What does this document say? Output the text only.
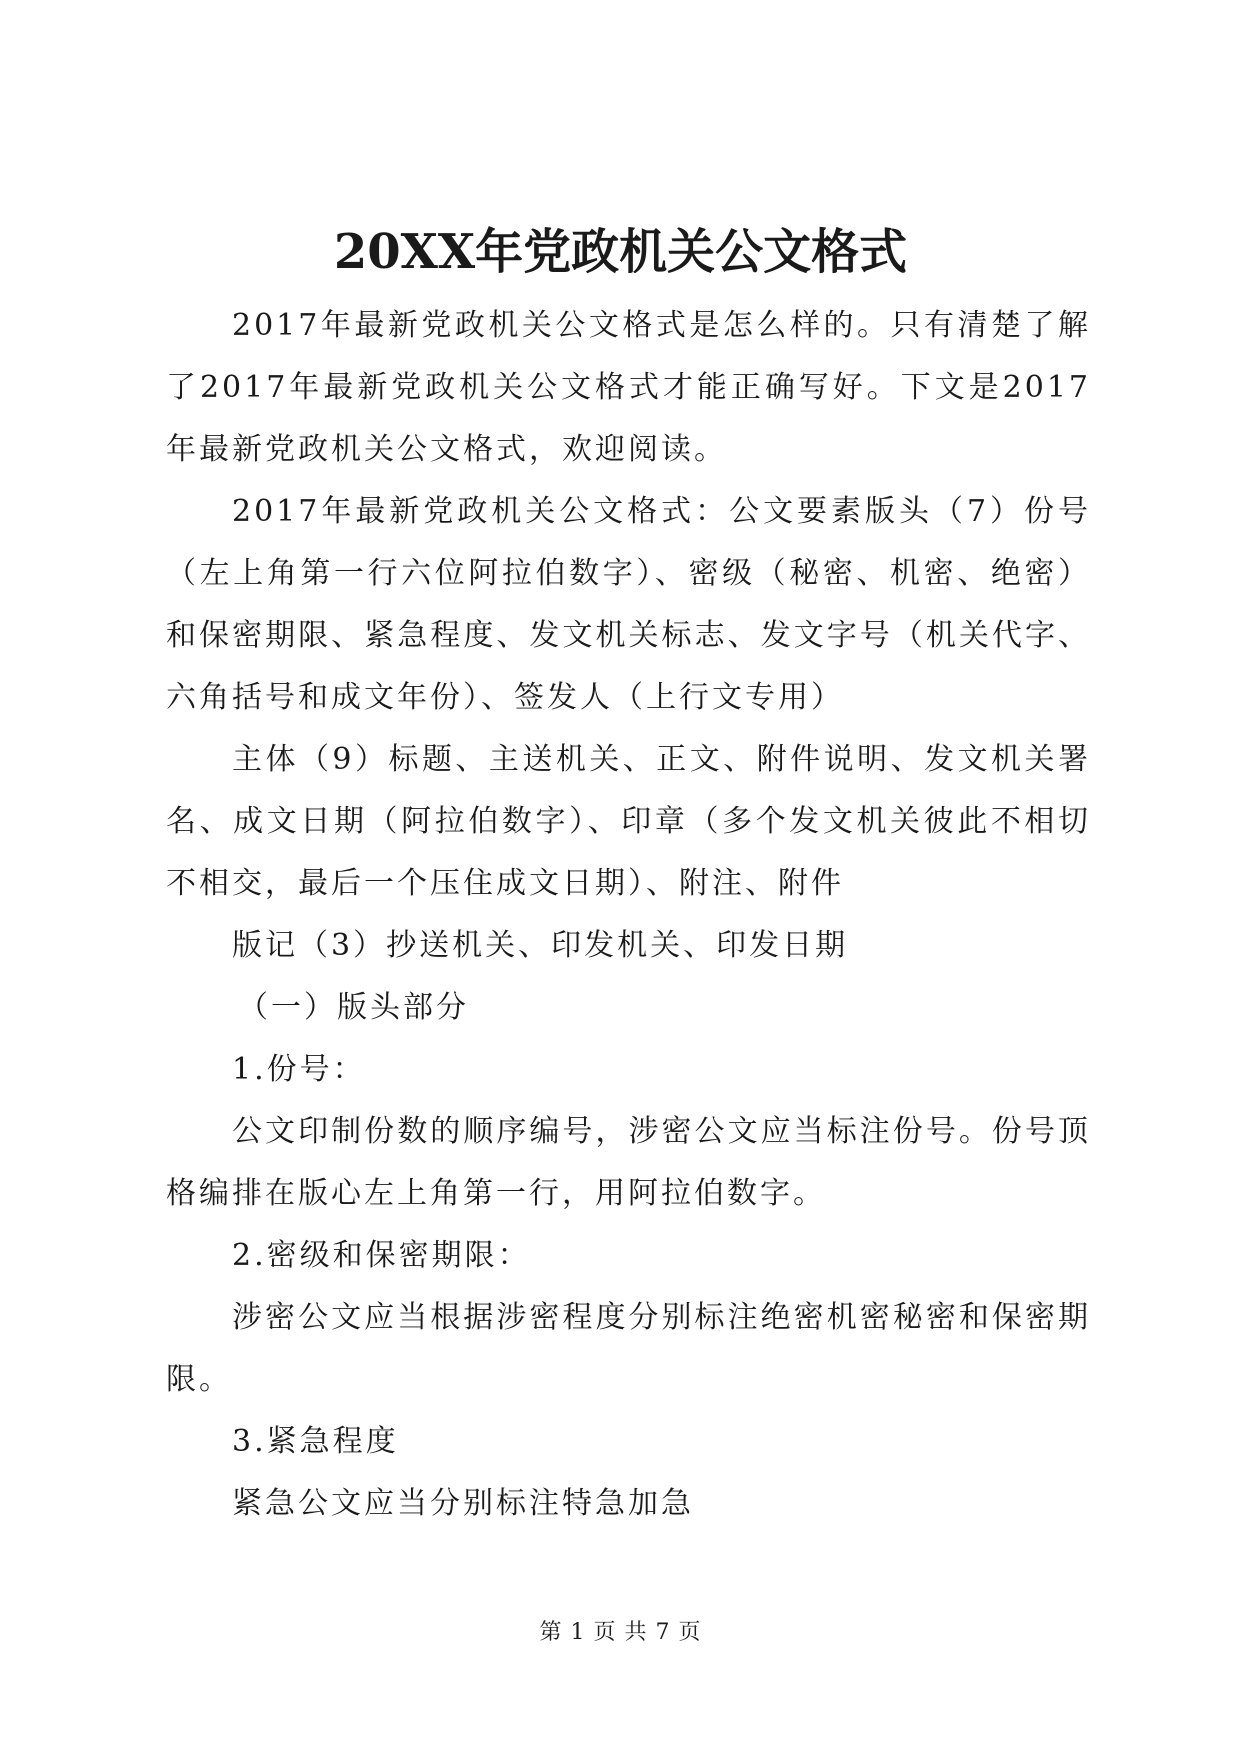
20XX年党政机关公文格式

2017年最新党政机关公文格式是怎么样的。只有清楚了解了2017年最新党政机关公文格式才能正确写好。下文是2017年最新党政机关公文格式，欢迎阅读。

2017年最新党政机关公文格式：公文要素版头（7）份号（左上角第一行六位阿拉伯数字）、密级（秘密、机密、绝密）和保密期限、紧急程度、发文机关标志、发文字号（机关代字、六角括号和成文年份）、签发人（上行文专用）

主体（9）标题、主送机关、正文、附件说明、发文机关署名、成文日期（阿拉伯数字）、印章（多个发文机关彼此不相切不相交，最后一个压住成文日期）、附注、附件

版记（3）抄送机关、印发机关、印发日期

（一）版头部分

1.份号：

公文印制份数的顺序编号，涉密公文应当标注份号。份号顶格编排在版心左上角第一行，用阿拉伯数字。

2.密级和保密期限：

涉密公文应当根据涉密程度分别标注绝密机密秘密和保密期限。

3.紧急程度

紧急公文应当分别标注特急加急

第 1 页 共 7 页
